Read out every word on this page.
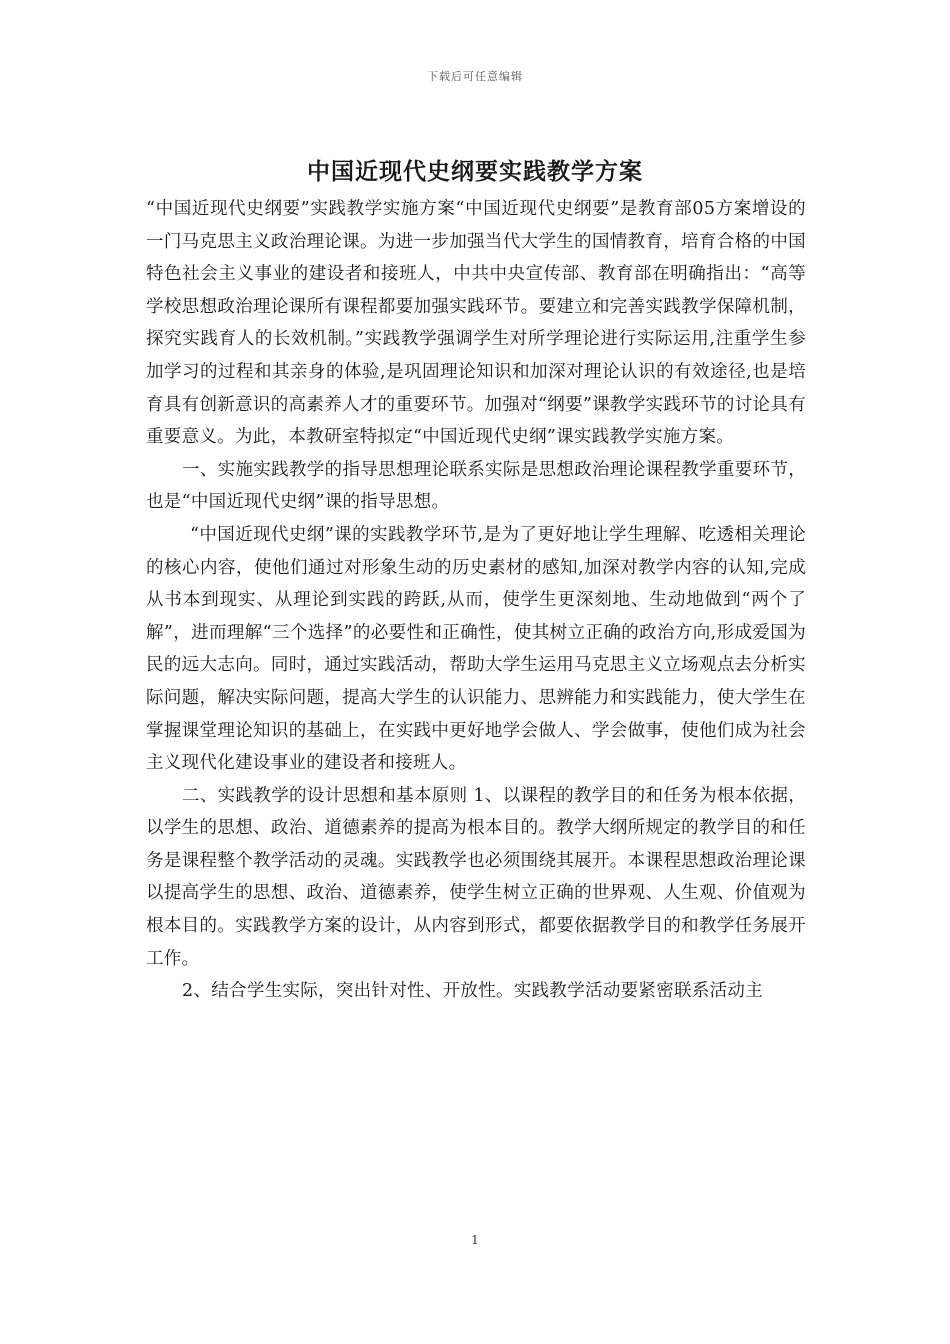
下载后可任意编辑
中国近现代史纲要实践教学方案

“中国近现代史纲要”实践教学实施方案“中国近现代史纲要”是教育部05方案增设的一门马克思主义政治理论课。为进一步加强当代大学生的国情教育，培育合格的中国特色社会主义事业的建设者和接班人，中共中央宣传部、教育部在明确指出：“高等学校思想政治理论课所有课程都要加强实践环节。要建立和完善实践教学保障机制，探究实践育人的长效机制。”实践教学强调学生对所学理论进行实际运用,注重学生参加学习的过程和其亲身的体验,是巩固理论知识和加深对理论认识的有效途径,也是培育具有创新意识的高素养人才的重要环节。加强对“纲要”课教学实践环节的讨论具有重要意义。为此，本教研室特拟定“中国近现代史纲”课实践教学实施方案。

一、实施实践教学的指导思想理论联系实际是思想政治理论课程教学重要环节，也是“中国近现代史纲”课的指导思想。

“中国近现代史纲”课的实践教学环节,是为了更好地让学生理解、吃透相关理论的核心内容，使他们通过对形象生动的历史素材的感知,加深对教学内容的认知,完成从书本到现实、从理论到实践的跨跃,从而，使学生更深刻地、生动地做到“两个了解”，进而理解“三个选择”的必要性和正确性，使其树立正确的政治方向,形成爱国为民的远大志向。同时，通过实践活动，帮助大学生运用马克思主义立场观点去分析实际问题，解决实际问题，提高大学生的认识能力、思辨能力和实践能力，使大学生在掌握课堂理论知识的基础上，在实践中更好地学会做人、学会做事，使他们成为社会主义现代化建设事业的建设者和接班人。

二、实践教学的设计思想和基本原则 1、以课程的教学目的和任务为根本依据，以学生的思想、政治、道德素养的提高为根本目的。教学大纲所规定的教学目的和任务是课程整个教学活动的灵魂。实践教学也必须围绕其展开。本课程思想政治理论课以提高学生的思想、政治、道德素养，使学生树立正确的世界观、人生观、价值观为根本目的。实践教学方案的设计，从内容到形式，都要依据教学目的和教学任务展开工作。

2、结合学生实际，突出针对性、开放性。实践教学活动要紧密联系活动主

1
